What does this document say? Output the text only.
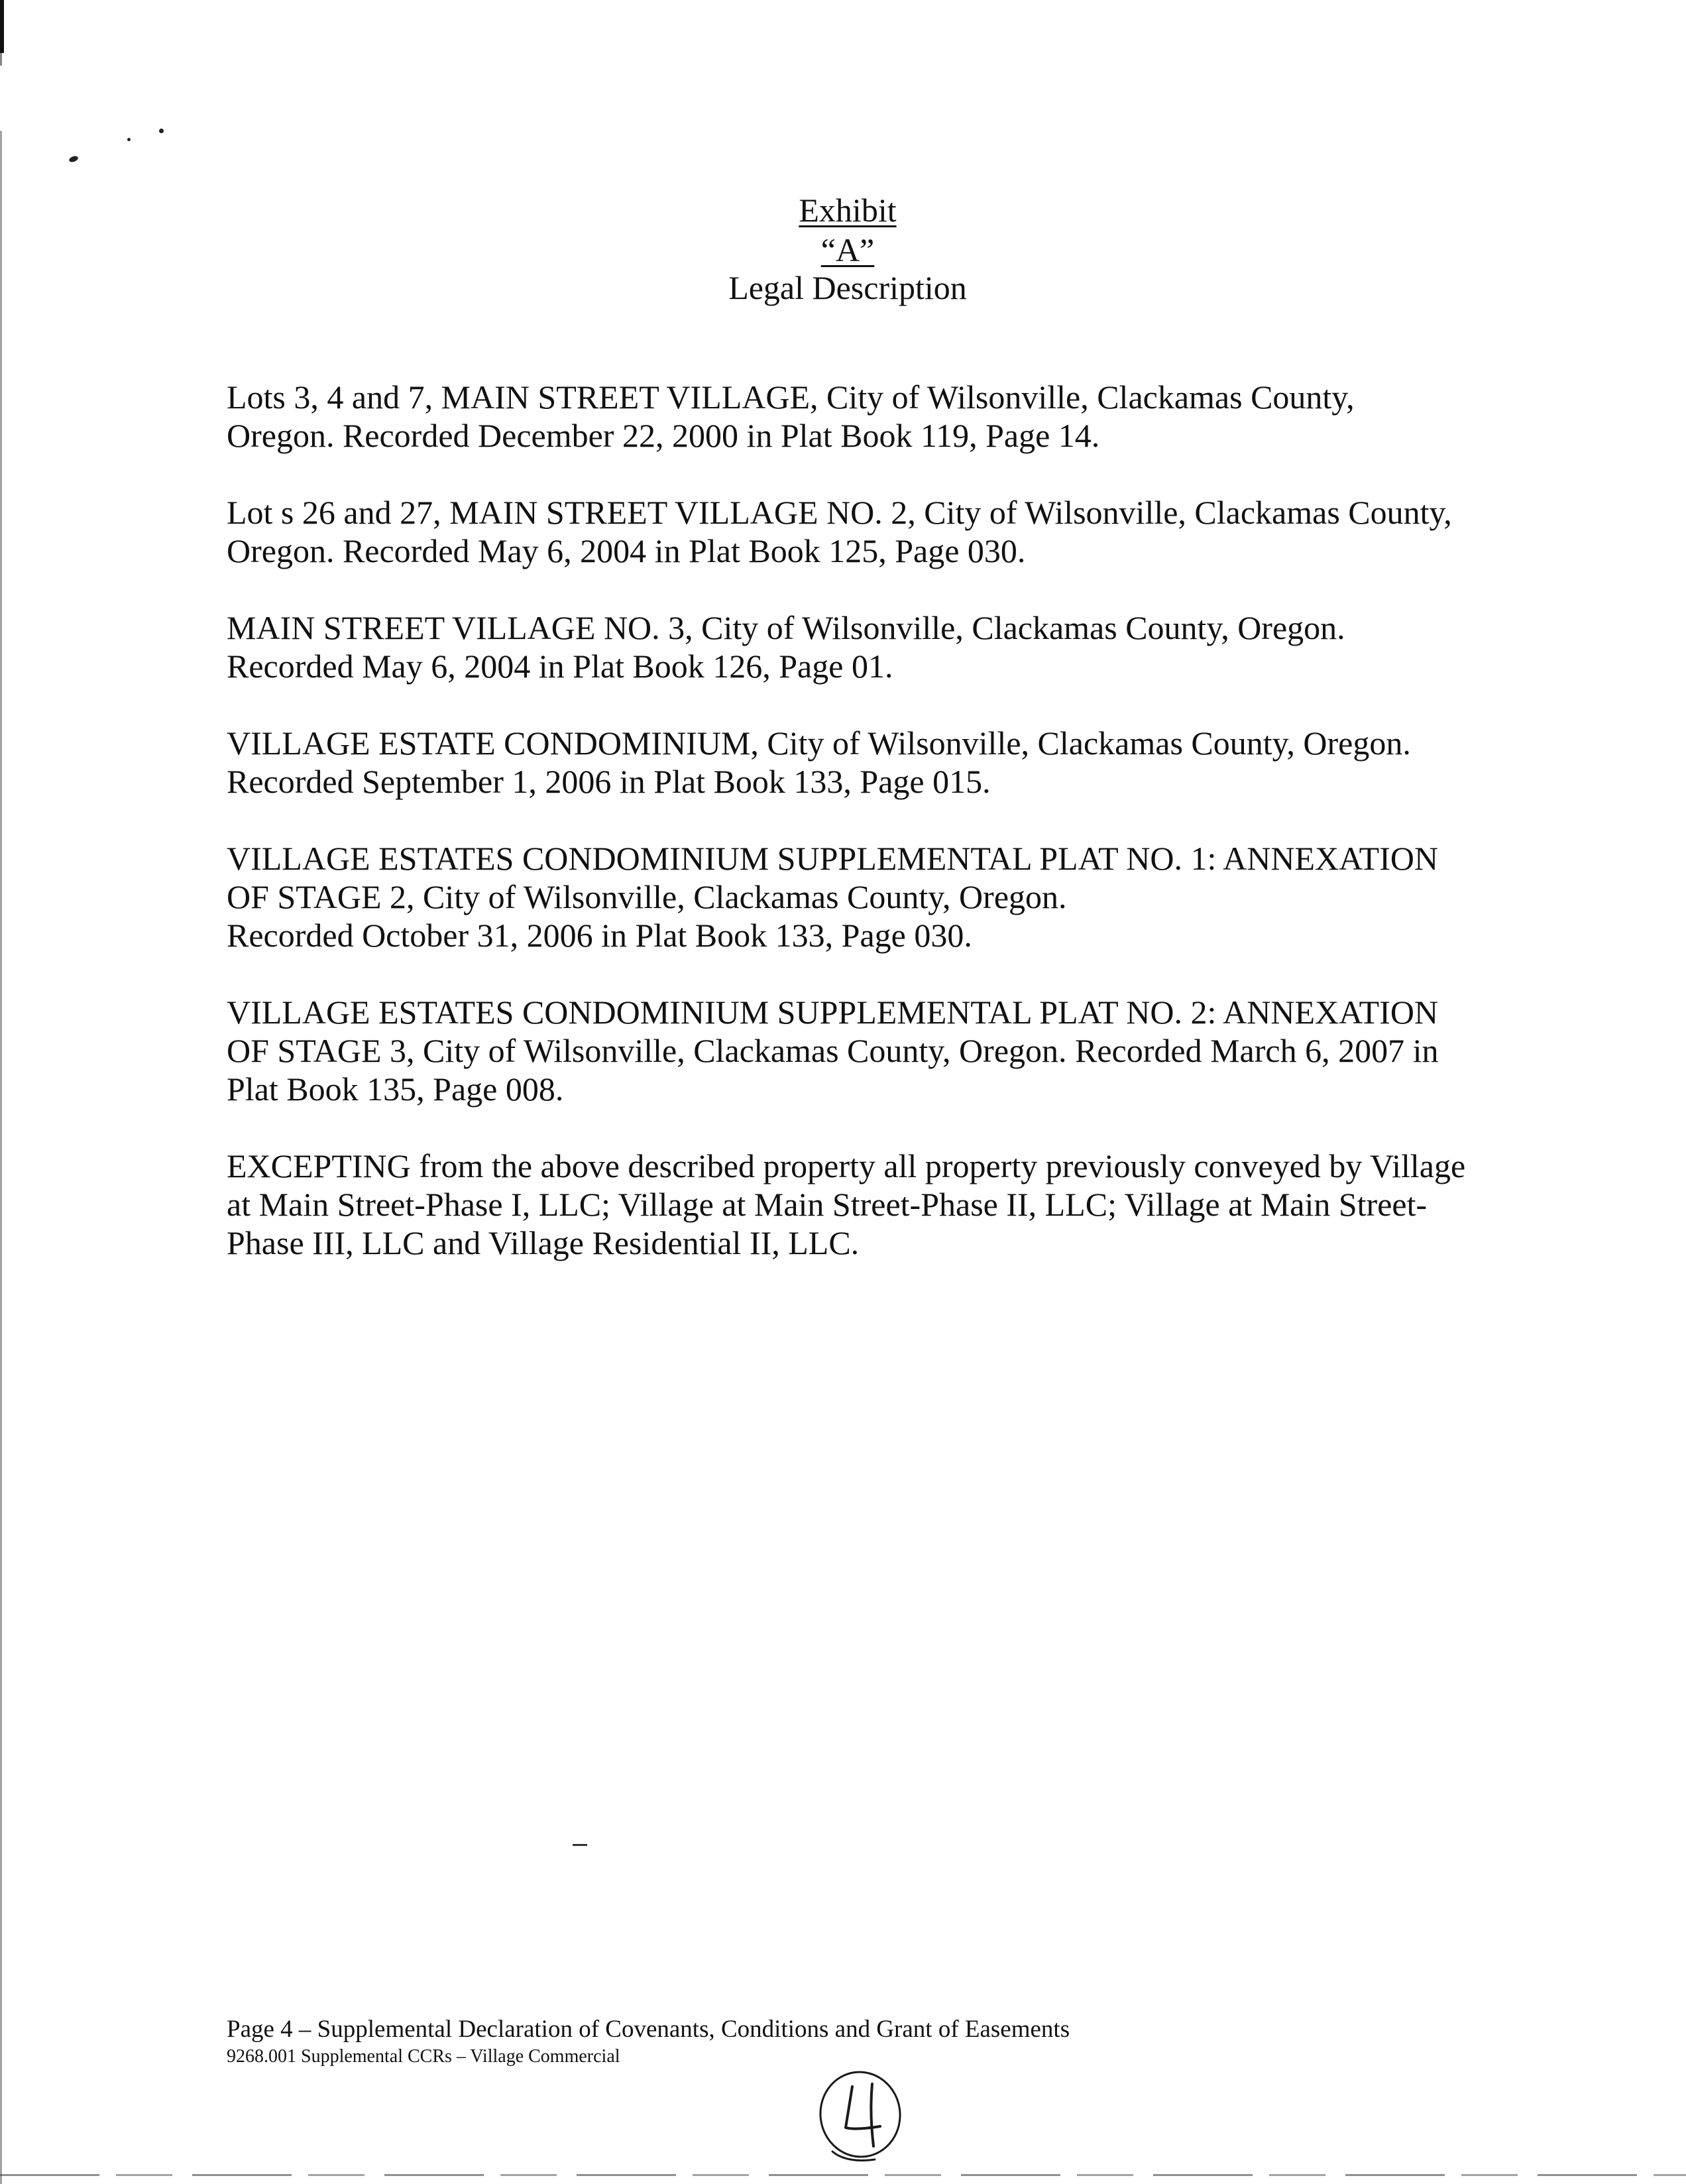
Exhibit “A”
Legal Description

Lots 3, 4 and 7, MAIN STREET VILLAGE, City of Wilsonville, Clackamas County,
Oregon. Recorded December 22, 2000 in Plat Book 119, Page 14.

Lot s 26 and 27, MAIN STREET VILLAGE NO. 2, City of Wilsonville, Clackamas County,
Oregon. Recorded May 6, 2004 in Plat Book 125, Page 030.

MAIN STREET VILLAGE NO. 3, City of Wilsonville, Clackamas County, Oregon.
Recorded May 6, 2004 in Plat Book 126, Page 01.

VILLAGE ESTATE CONDOMINIUM, City of Wilsonville, Clackamas County, Oregon.
Recorded September 1, 2006 in Plat Book 133, Page 015.

VILLAGE ESTATES CONDOMINIUM SUPPLEMENTAL PLAT NO. 1: ANNEXATION
OF STAGE 2, City of Wilsonville, Clackamas County, Oregon.
Recorded October 31, 2006 in Plat Book 133, Page 030.

VILLAGE ESTATES CONDOMINIUM SUPPLEMENTAL PLAT NO. 2: ANNEXATION
OF STAGE 3, City of Wilsonville, Clackamas County, Oregon. Recorded March 6, 2007 in
Plat Book 135, Page 008.

EXCEPTING from the above described property all property previously conveyed by Village
at Main Street-Phase I, LLC; Village at Main Street-Phase II, LLC; Village at Main Street-
Phase III, LLC and Village Residential II, LLC.

Page 4 – Supplemental Declaration of Covenants, Conditions and Grant of Easements
9268.001 Supplemental CCRs – Village Commercial
